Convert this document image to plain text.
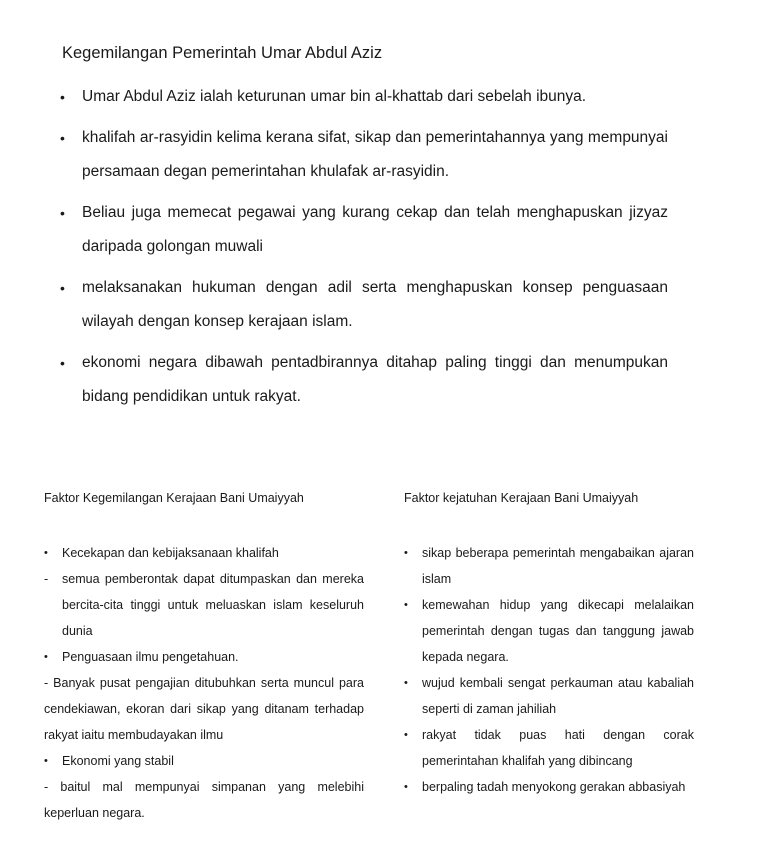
Kegemilangan Pemerintah Umar Abdul Aziz
• Umar Abdul Aziz ialah keturunan umar bin al-khattab dari sebelah ibunya.
• khalifah ar-rasyidin kelima kerana sifat, sikap dan pemerintahannya yang mempunyai persamaan degan pemerintahan khulafak ar-rasyidin.
• Beliau juga memecat pegawai yang kurang cekap dan telah menghapuskan jizyaz daripada golongan muwali
• melaksanakan hukuman dengan adil serta menghapuskan konsep penguasaan wilayah dengan konsep kerajaan islam.
• ekonomi negara dibawah pentadbirannya ditahap paling tinggi dan menumpukan bidang pendidikan untuk rakyat.
Faktor Kegemilangan Kerajaan Bani Umaiyyah
• Kecekapan dan kebijaksanaan khalifah
- semua pemberontak dapat ditumpaskan dan mereka bercita-cita tinggi untuk meluaskan islam keseluruh dunia
• Penguasaan ilmu pengetahuan.
- Banyak pusat pengajian ditubuhkan serta muncul para cendekiawan, ekoran dari sikap yang ditanam terhadap rakyat iaitu membudayakan ilmu
• Ekonomi yang stabil
- baitul mal mempunyai simpanan yang melebihi keperluan negara.
Faktor kejatuhan Kerajaan Bani Umaiyyah
• sikap beberapa pemerintah mengabaikan ajaran islam
• kemewahan hidup yang dikecapi melalaikan pemerintah dengan tugas dan tanggung jawab kepada negara.
• wujud kembali sengat perkauman atau kabaliah seperti di zaman jahiliah
• rakyat tidak puas hati dengan corak pemerintahan khalifah yang dibincang
• berpaling tadah menyokong gerakan abbasiyah
